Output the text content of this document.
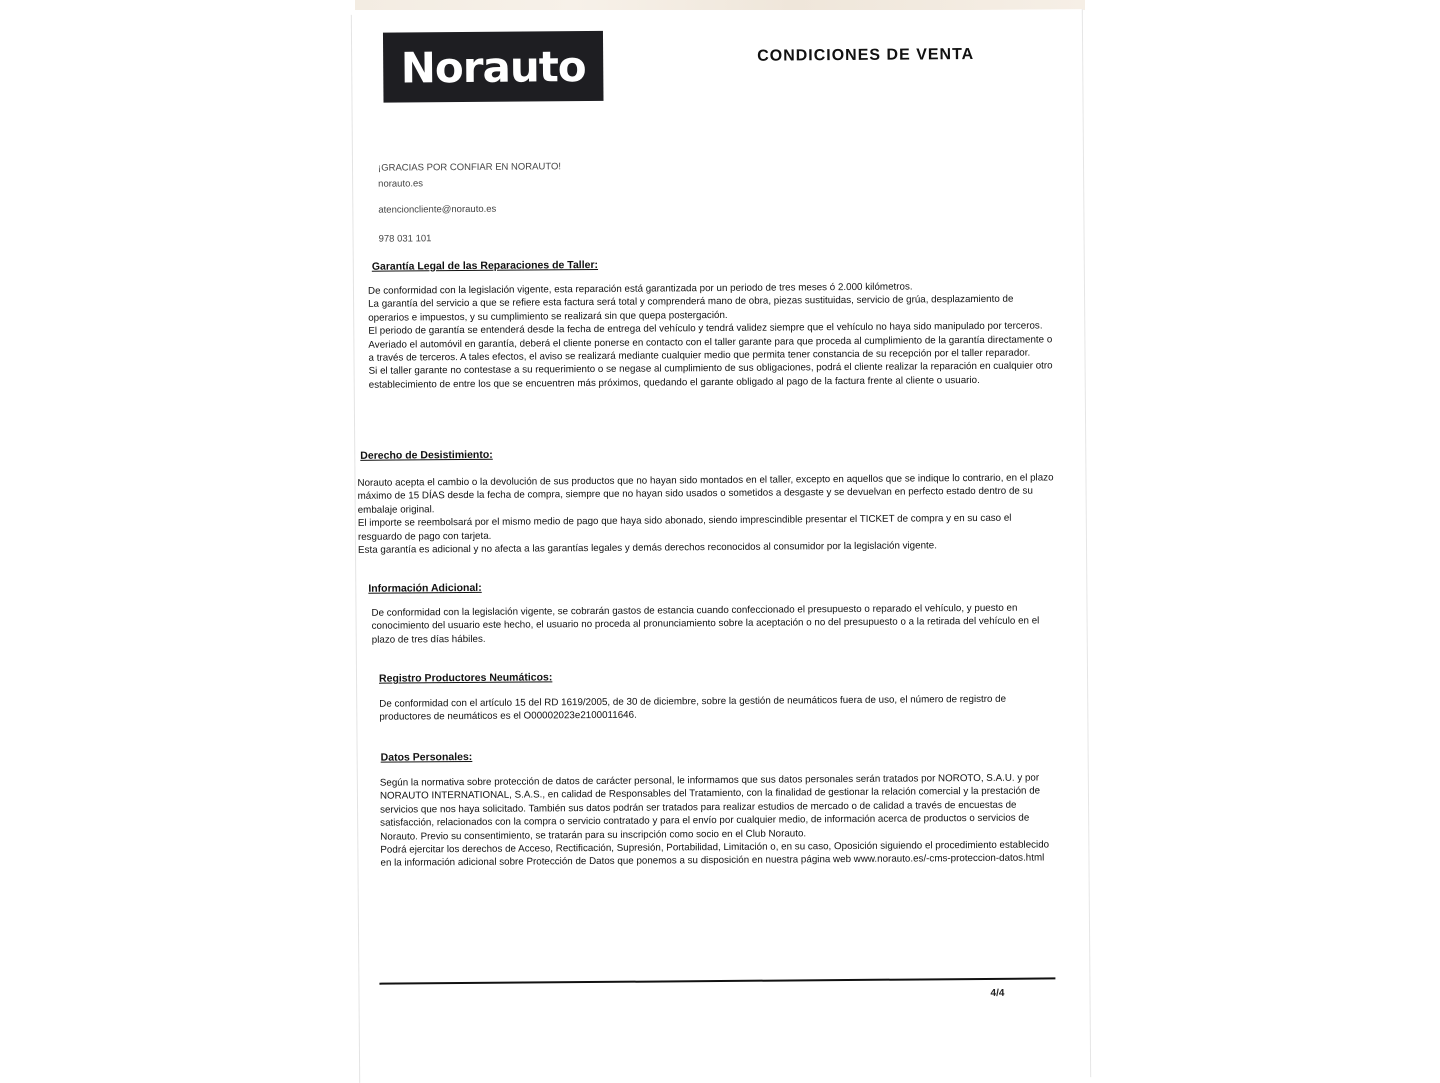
Norauto	CONDICIONES DE VENTA
¡GRACIAS POR CONFIAR EN NORAUTO!
norauto.es
atencioncliente@norauto.es
978 031 101
Garantía Legal de las Reparaciones de Taller:

De conformidad con la legislación vigente, esta reparación está garantizada por un periodo de tres meses ó 2.000 kilómetros.

La garantía del servicio a que se refiere esta factura será total y comprenderá mano de obra, piezas sustituidas, servicio de grúa, desplazamiento de operarios e impuestos, y su cumplimiento se realizará sin que quepa postergación.

El periodo de garantía se entenderá desde la fecha de entrega del vehículo y tendrá validez siempre que el vehículo no haya sido manipulado por terceros.

Averiado el automóvil en garantía, deberá el cliente ponerse en contacto con el taller garante para que proceda al cumplimiento de la garantía directamente o a través de terceros. A tales efectos, el aviso se realizará mediante cualquier medio que permita tener constancia de su recepción por el taller reparador.

Si el taller garante no contestase a su requerimiento o se negase al cumplimiento de sus obligaciones, podrá el cliente realizar la reparación en cualquier otro establecimiento de entre los que se encuentren más próximos, quedando el garante obligado al pago de la factura frente al cliente o usuario.

Derecho de Desistimiento:

Norauto acepta el cambio o la devolución de sus productos que no hayan sido montados en el taller, excepto en aquellos que se indique lo contrario, en el plazo máximo de 15 DÍAS desde la fecha de compra, siempre que no hayan sido usados o sometidos a desgaste y se devuelvan en perfecto estado dentro de su embalaje original.

El importe se reembolsará por el mismo medio de pago que haya sido abonado, siendo imprescindible presentar el TICKET de compra y en su caso el resguardo de pago con tarjeta.

Esta garantía es adicional y no afecta a las garantías legales y demás derechos reconocidos al consumidor por la legislación vigente.

Información Adicional:

De conformidad con la legislación vigente, se cobrarán gastos de estancia cuando confeccionado el presupuesto o reparado el vehículo, y puesto en conocimiento del usuario este hecho, el usuario no proceda al pronunciamiento sobre la aceptación o no del presupuesto o a la retirada del vehículo en el plazo de tres días hábiles.

Registro Productores Neumáticos:

De conformidad con el artículo 15 del RD 1619/2005, de 30 de diciembre, sobre la gestión de neumáticos fuera de uso, el número de registro de productores de neumáticos es el O00002023e2100011646.

Datos Personales:

Según la normativa sobre protección de datos de carácter personal, le informamos que sus datos personales serán tratados por NOROTO, S.A.U. y por NORAUTO INTERNATIONAL, S.A.S., en calidad de Responsables del Tratamiento, con la finalidad de gestionar la relación comercial y la prestación de servicios que nos haya solicitado. También sus datos podrán ser tratados para realizar estudios de mercado o de calidad a través de encuestas de satisfacción, relacionados con la compra o servicio contratado y para el envío por cualquier medio, de información acerca de productos o servicios de Norauto. Previo su consentimiento, se tratarán para su inscripción como socio en el Club Norauto.

Podrá ejercitar los derechos de Acceso, Rectificación, Supresión, Portabilidad, Limitación o, en su caso, Oposición siguiendo el procedimiento establecido en la información adicional sobre Protección de Datos que ponemos a su disposición en nuestra página web www.norauto.es/-cms-proteccion-datos.html

4/4
